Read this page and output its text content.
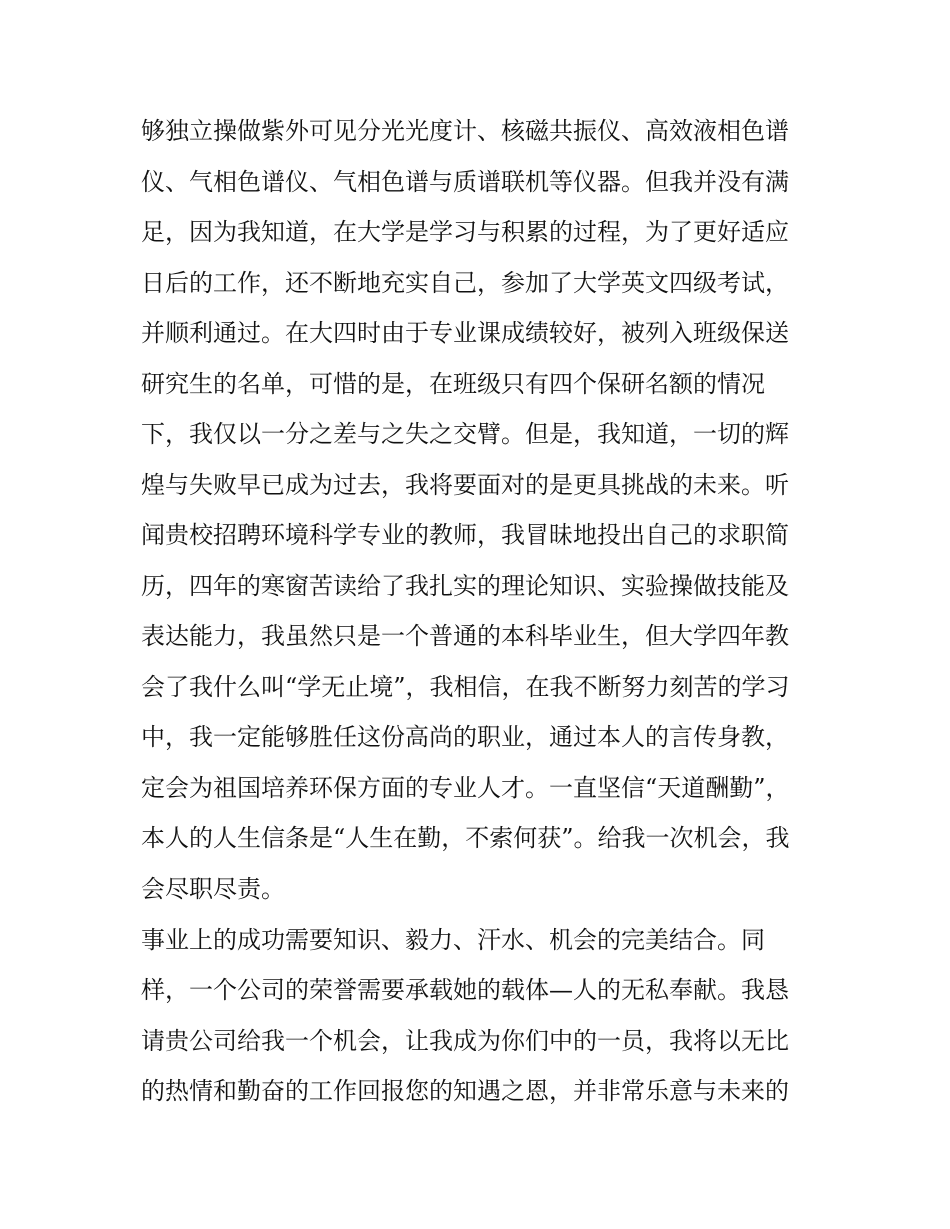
够独立操做紫外可见分光光度计、核磁共振仪、高效液相色谱
仪、气相色谱仪、气相色谱与质谱联机等仪器。但我并没有满
足，因为我知道，在大学是学习与积累的过程，为了更好适应
日后的工作，还不断地充实自己，参加了大学英文四级考试，
并顺利通过。在大四时由于专业课成绩较好，被列入班级保送
研究生的名单，可惜的是，在班级只有四个保研名额的情况
下，我仅以一分之差与之失之交臂。但是，我知道，一切的辉
煌与失败早已成为过去，我将要面对的是更具挑战的未来。听
闻贵校招聘环境科学专业的教师，我冒昧地投出自己的求职简
历，四年的寒窗苦读给了我扎实的理论知识、实验操做技能及
表达能力，我虽然只是一个普通的本科毕业生，但大学四年教
会了我什么叫“学无止境”，我相信，在我不断努力刻苦的学习
中，我一定能够胜任这份高尚的职业，通过本人的言传身教，
定会为祖国培养环保方面的专业人才。一直坚信“天道酬勤”，
本人的人生信条是“人生在勤，不索何获”。给我一次机会，我
会尽职尽责。
事业上的成功需要知识、毅力、汗水、机会的完美结合。同
样，一个公司的荣誉需要承载她的载体—人的无私奉献。我恳
请贵公司给我一个机会，让我成为你们中的一员，我将以无比
的热情和勤奋的工作回报您的知遇之恩，并非常乐意与未来的
